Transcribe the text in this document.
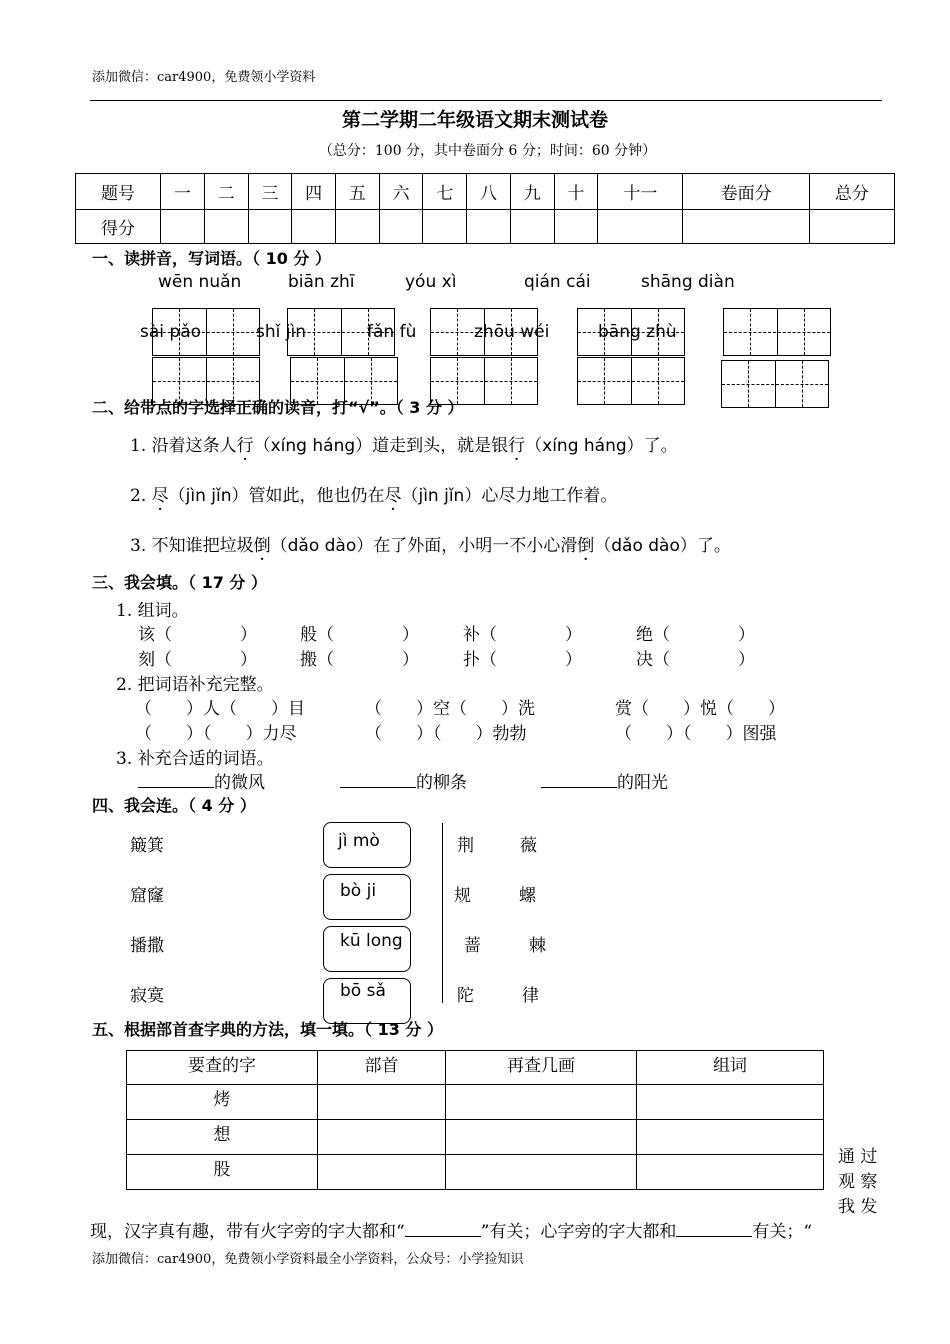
添加微信：car4900，免费领小学资料
第二学期二年级语文期末测试卷
（总分：100 分，其中卷面分 6 分；时间：60 分钟）
题号	一	二	三	四	五	六	七	八	九	十	十一	卷面分	总分
得分													
一、读拼音，写词语。（ 10 分 ）
wēn nuǎn	biān zhī	yóu xì	qián cái	shāng diàn
sài pǎo	shǐ jìn	fǎn fù	zhōu wéi	bāng zhù
二、给带点的字选择正确的读音，打“√”。（ 3 分 ）
1. 沿着这条人行（xíng háng）道走到头，就是银行（xíng háng）了。
2. 尽（jìn jǐn）管如此，他也仍在尽（jìn jǐn）心尽力地工作着。
3. 不知谁把垃圾倒（dǎo dào）在了外面，小明一不小心滑倒（dǎo dào）了。
三、我会填。（ 17 分 ）
1. 组词。
该（　　　　）	般（　　　　）	补（　　　　）	绝（　　　　）
刻（　　　　）	搬（　　　　）	扑（　　　　）	决（　　　　）
2. 把词语补充完整。
（　　）人（　　）目	（　　）空（　　）洗	赏（　　）悦（　　）
（　　）（　　）力尽	（　　）（　　）勃勃	（　　）（　　）图强
3. 补充合适的词语。
的微风	的柳条	的阳光
四、我会连。（ 4 分 ）
簸箕
窟窿
播撒
寂寞
jì mò
bò ji
kū long
bō sǎ
荆	薇
规	螺
蔷	棘
陀	律
五、根据部首查字典的方法，填一填。（ 13 分 ）
要查的字	部首	再查几画	组词
烤			
想			
股			
通 过
观 察
我 发
现，汉字真有趣，带有火字旁的字大都和“	”有关；心字旁的字大都和	有关；“
添加微信：car4900，免费领小学资料最全小学资料，公众号：小学捡知识
